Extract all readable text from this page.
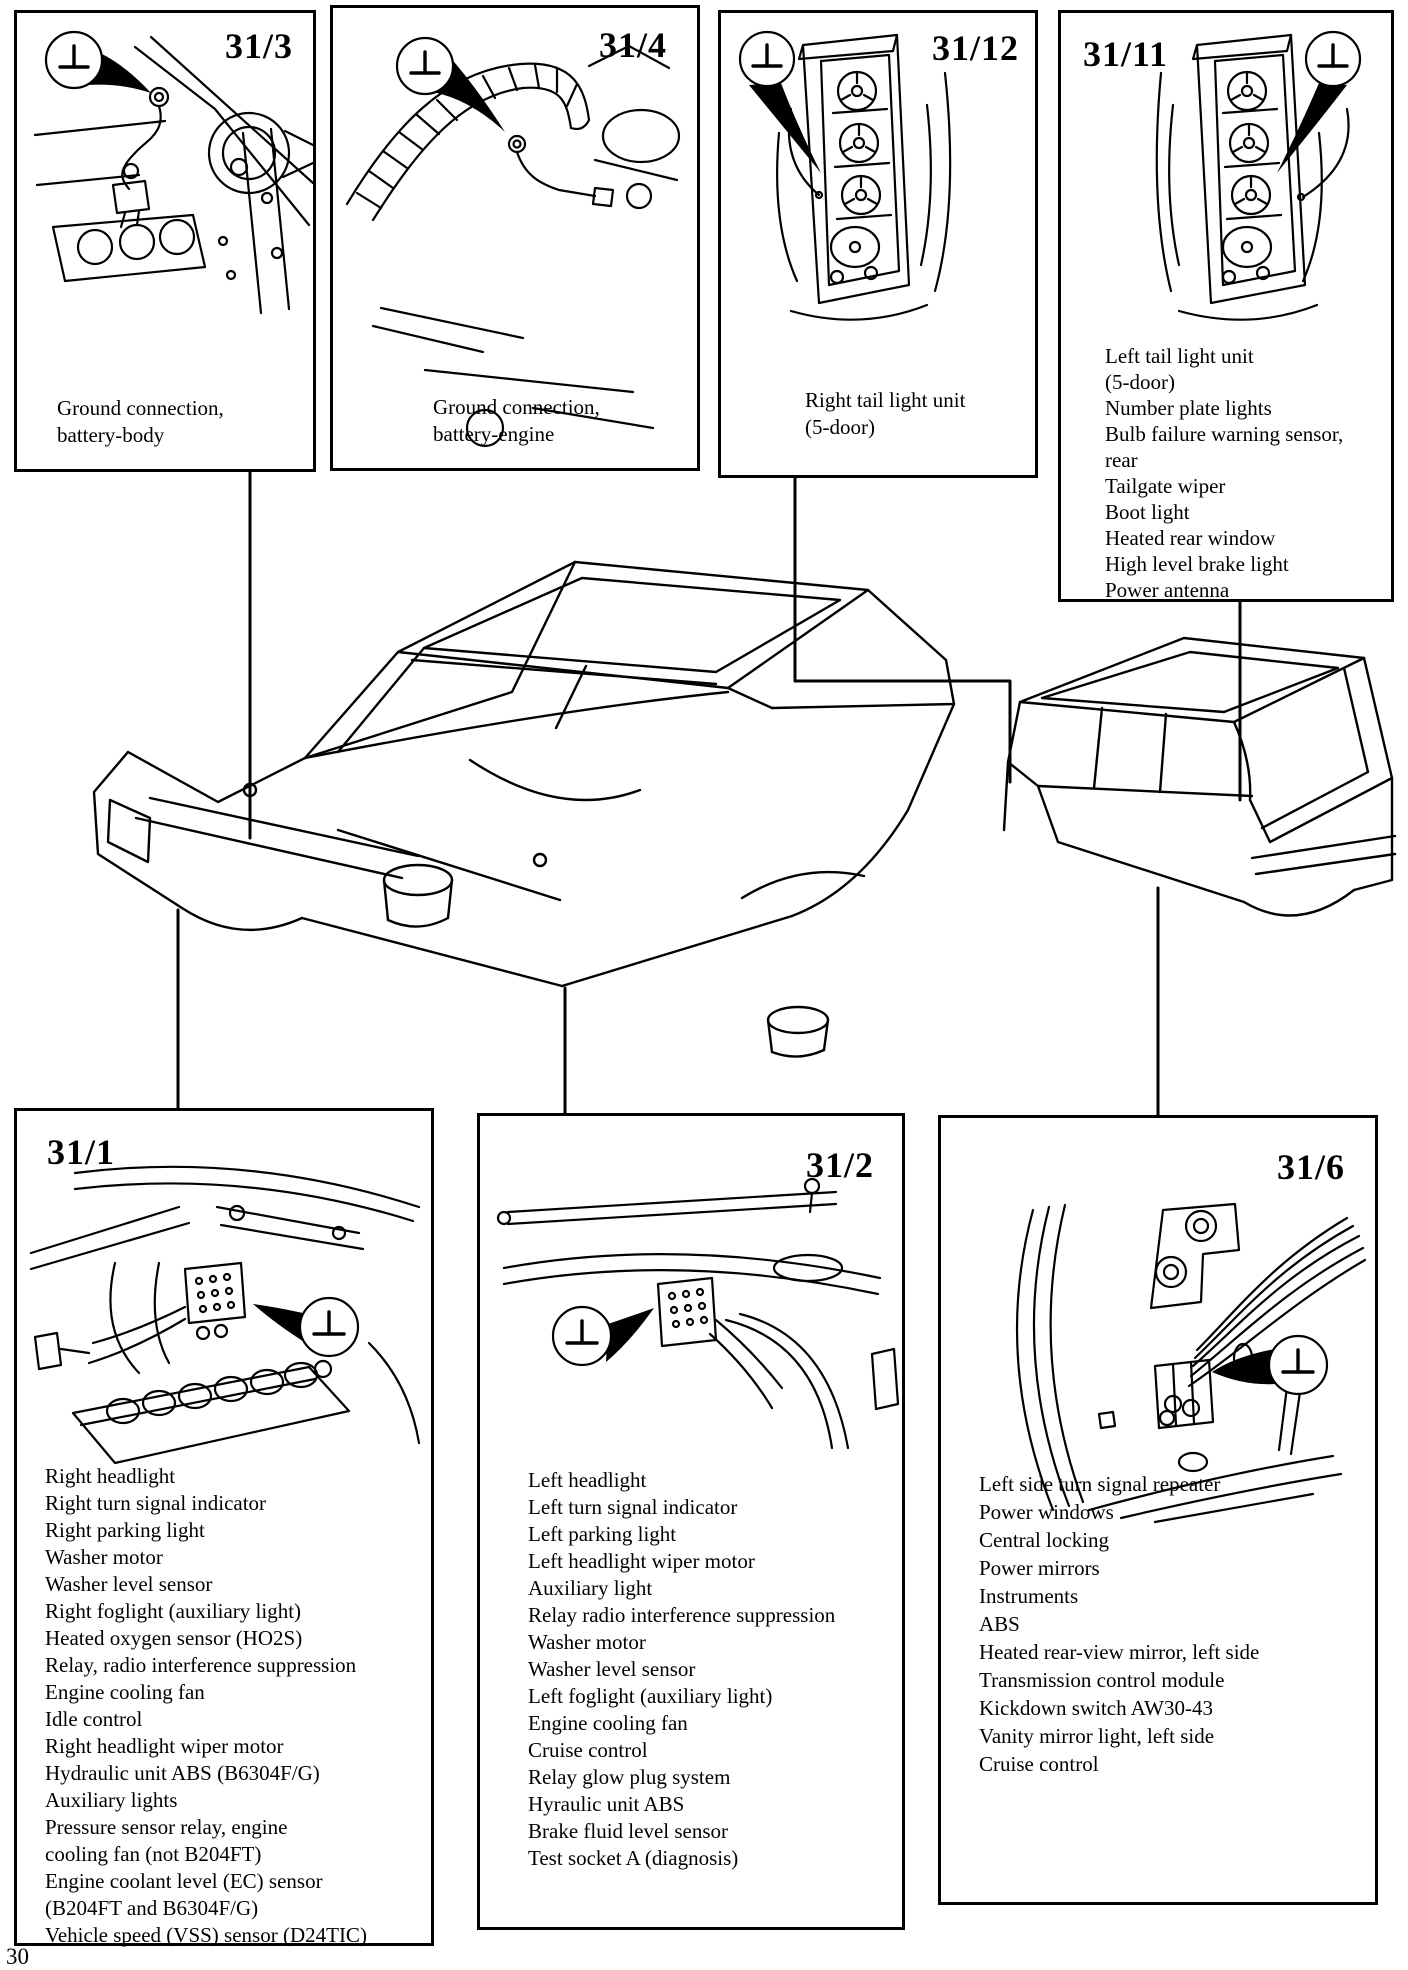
31/3
Ground connection,
battery-body
31/4
Ground connection,
battery-engine
31/12
Right tail light unit
(5-door)
31/11
Left tail light unit
(5-door)
Number plate lights
Bulb failure warning sensor,
rear
Tailgate wiper
Boot light
Heated rear window
High level brake light
Power antenna
31/1
Right headlight
Right turn signal indicator
Right parking light
Washer motor
Washer level sensor
Right foglight (auxiliary light)
Heated oxygen sensor (HO2S)
Relay, radio interference suppression
Engine cooling fan
Idle control
Right headlight wiper motor
Hydraulic unit ABS (B6304F/G)
Auxiliary lights
Pressure sensor relay, engine
cooling fan (not B204FT)
Engine coolant level (EC) sensor
(B204FT and B6304F/G)
Vehicle speed (VSS) sensor (D24TIC)
31/2
Left headlight
Left turn signal indicator
Left parking light
Left headlight wiper motor
Auxiliary light
Relay radio interference suppression
Washer motor
Washer level sensor
Left foglight (auxiliary light)
Engine cooling fan
Cruise control
Relay glow plug system
Hyraulic unit ABS
Brake fluid level sensor
Test socket A (diagnosis)
31/6
Left side turn signal repeater
Power windows
Central locking
Power mirrors
Instruments
ABS
Heated rear-view mirror, left side
Transmission control module
Kickdown switch AW30-43
Vanity mirror light, left side
Cruise control
30
